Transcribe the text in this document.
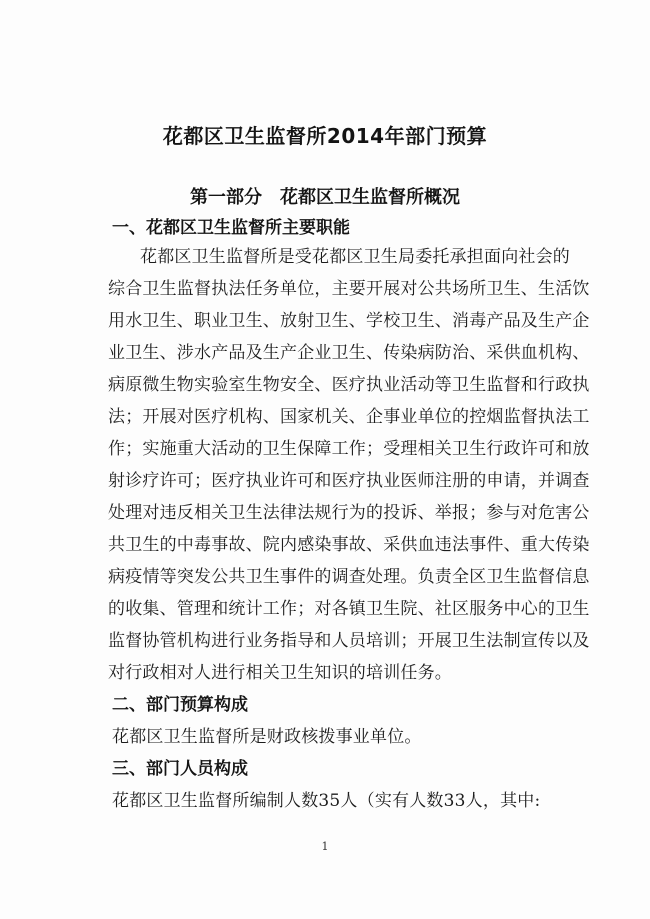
花都区卫生监督所2014年部门预算
第一部分 花都区卫生监督所概况
一、花都区卫生监督所主要职能
花都区卫生监督所是受花都区卫生局委托承担面向社会的
综合卫生监督执法任务单位，主要开展对公共场所卫生、生活饮
用水卫生、职业卫生、放射卫生、学校卫生、消毒产品及生产企
业卫生、涉水产品及生产企业卫生、传染病防治、采供血机构、
病原微生物实验室生物安全、医疗执业活动等卫生监督和行政执
法；开展对医疗机构、国家机关、企事业单位的控烟监督执法工
作；实施重大活动的卫生保障工作；受理相关卫生行政许可和放
射诊疗许可；医疗执业许可和医疗执业医师注册的申请，并调查
处理对违反相关卫生法律法规行为的投诉、举报；参与对危害公
共卫生的中毒事故、院内感染事故、采供血违法事件、重大传染
病疫情等突发公共卫生事件的调查处理。负责全区卫生监督信息
的收集、管理和统计工作；对各镇卫生院、社区服务中心的卫生
监督协管机构进行业务指导和人员培训；开展卫生法制宣传以及
对行政相对人进行相关卫生知识的培训任务。
二、部门预算构成
花都区卫生监督所是财政核拨事业单位。
三、部门人员构成
花都区卫生监督所编制人数35人（实有人数33人，其中:
1
